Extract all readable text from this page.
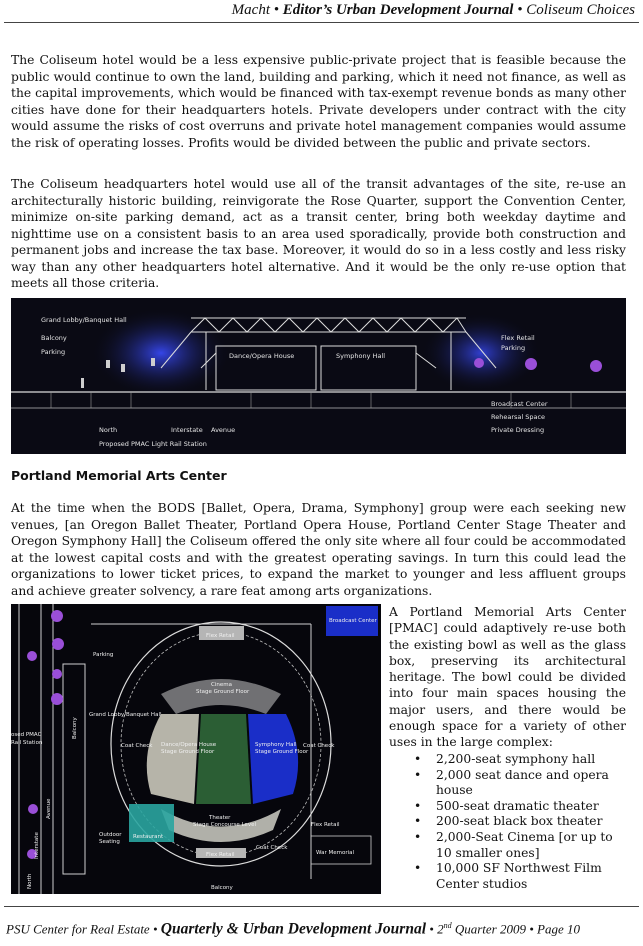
Macht • Editor’s Urban Development Journal • Coliseum Choices

The Coliseum hotel would be a less expensive public-private project that is feasible because the public would continue to own the land, building and parking, which it need not finance, as well as the capital improvements, which would be financed with tax-exempt revenue bonds as many other cities have done for their headquarters hotels. Private developers under contract with the city would assume the risks of cost overruns and private hotel management companies would assume the risk of operating losses. Profits would be divided between the public and private sectors.

The Coliseum headquarters hotel would use all of the transit advantages of the site, re-use an architecturally historic building, reinvigorate the Rose Quarter, support the Convention Center, minimize on-site parking demand, act as a transit center, bring both weekday daytime and nighttime use on a consistent basis to an area used sporadically, provide both construction and permanent jobs and increase the tax base. Moreover, it would do so in a less costly and less risky way than any other headquarters hotel alternative. And it would be the only re-use option that meets all those criteria.

Grand Lobby/Banquet Hall
Balcony
Parking	Dance/Opera House	Symphony Hall
Flex Retail
Parking
Broadcast Center
Rehearsal Space
Private Dressing
North	Interstate Avenue
Proposed PMAC Light Rail Station
Portland Memorial Arts Center

At the time when the BODS [Ballet, Opera, Drama, Symphony] group were each seeking new venues, [an Oregon Ballet Theater, Portland Opera House, Portland Center Stage Theater and Oregon Symphony Hall] the Coliseum offered the only site where all four could be accommodated at the lowest capital costs and with the greatest operating savings. In turn this could lead the organizations to lower ticket prices, to expand the market to younger and less affluent groups and achieve greater solvency, a rare feat among arts organizations.

Flex Retail
Broadcast Center
Parking
Cinema
Stage Ground Floor
Grand Lobby/Banquet Hall
Dance/Opera House
Stage Ground Floor
Symphony Hall
Stage Ground Floor
Coat Check	Coat Check
Theater
Stage Concourse Level
Flex Retail
Coat Check
Flex Retail
Restaurant
Outdoor
Seating
War Memorial
Balcony
Balcony
osed PMAC
Rail Station
Interstate
Avenue
North

A Portland Memorial Arts Center [PMAC] could adaptively re-use both the existing bowl as well as the glass box, preserving its architectural heritage. The bowl could be divided into four main spaces housing the major users, and there would be enough space for a variety of other uses in the large complex:

• 2,200-seat symphony hall
• 2,000 seat dance and opera house
• 500-seat dramatic theater
• 200-seat black box theater
• 2,000-Seat Cinema [or up to 10 smaller ones]
• 10,000 SF Northwest Film Center studios
PSU Center for Real Estate • Quarterly & Urban Development Journal • 2nd Quarter 2009 • Page 10
